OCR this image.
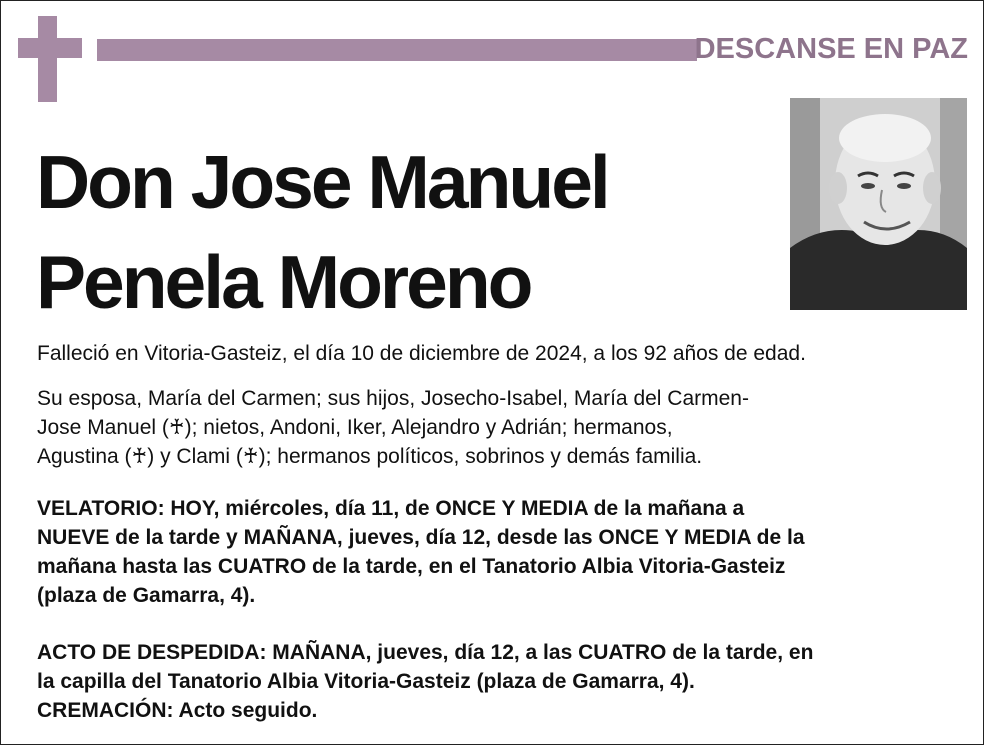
DESCANSE EN PAZ
Don Jose Manuel
Penela Moreno
Falleció en Vitoria-Gasteiz, el día 10 de diciembre de 2024, a los 92 años de edad.
Su esposa, María del Carmen; sus hijos, Josecho-Isabel, María del Carmen-
Jose Manuel (♰); nietos, Andoni, Iker, Alejandro y Adrián; hermanos,
Agustina (♰) y Clami (♰); hermanos políticos, sobrinos y demás familia.
VELATORIO: HOY, miércoles, día 11, de ONCE Y MEDIA de la mañana a
NUEVE de la tarde y MAÑANA, jueves, día 12, desde las ONCE Y MEDIA de la
mañana hasta las CUATRO de la tarde, en el Tanatorio Albia Vitoria-Gasteiz
(plaza de Gamarra, 4).
ACTO DE DESPEDIDA: MAÑANA, jueves, día 12, a las CUATRO de la tarde, en
la capilla del Tanatorio Albia Vitoria-Gasteiz (plaza de Gamarra, 4).
CREMACIÓN: Acto seguido.
